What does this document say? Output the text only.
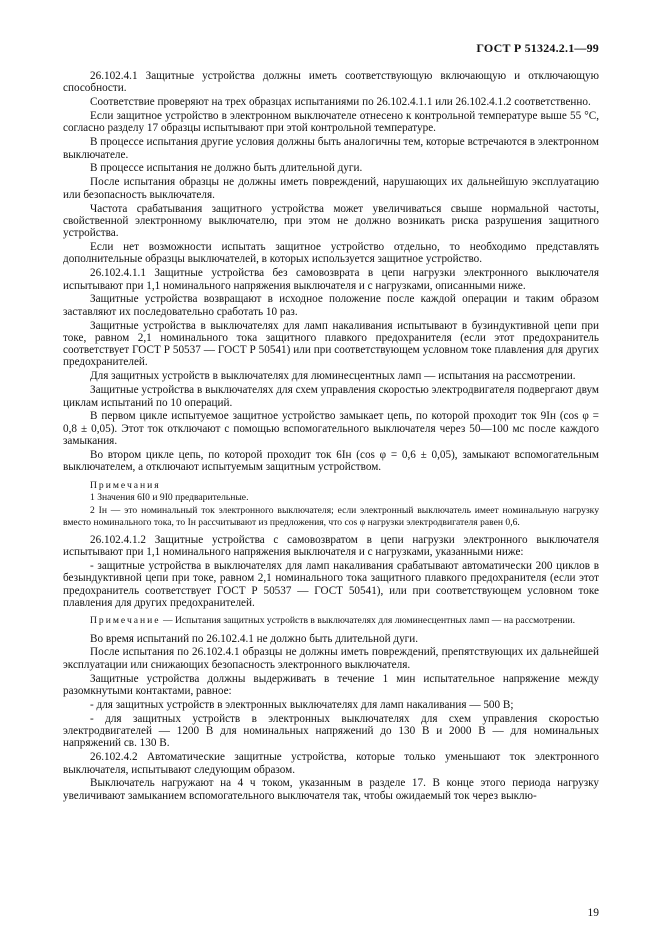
ГОСТ Р 51324.2.1—99

26.102.4.1 Защитные устройства должны иметь соответствующую включающую и отключающую способности.

Соответствие проверяют на трех образцах испытаниями по 26.102.4.1.1 или 26.102.4.1.2 соответственно.

Если защитное устройство в электронном выключателе отнесено к контрольной температуре выше 55 °С, согласно разделу 17 образцы испытывают при этой контрольной температуре.

В процессе испытания другие условия должны быть аналогичны тем, которые встречаются в электронном выключателе.

В процессе испытания не должно быть длительной дуги.

После испытания образцы не должны иметь повреждений, нарушающих их дальнейшую эксплуатацию или безопасность выключателя.

Частота срабатывания защитного устройства может увеличиваться свыше нормальной частоты, свойственной электронному выключателю, при этом не должно возникать риска разрушения защитного устройства.

Если нет возможности испытать защитное устройство отдельно, то необходимо представлять дополнительные образцы выключателей, в которых используется защитное устройство.

26.102.4.1.1 Защитные устройства без самовозврата в цепи нагрузки электронного выключателя испытывают при 1,1 номинального напряжения выключателя и с нагрузками, описанными ниже.

Защитные устройства возвращают в исходное положение после каждой операции и таким образом заставляют их последовательно сработать 10 раз.

Защитные устройства в выключателях для ламп накаливания испытывают в бузиндуктивной цепи при токе, равном 2,1 номинального тока защитного плавкого предохранителя (если этот предохранитель соответствует ГОСТ Р 50537 — ГОСТ Р 50541) или при соответствующем условном токе плавления для других предохранителей.

Для защитных устройств в выключателях для люминесцентных ламп — испытания на рассмотрении.

Защитные устройства в выключателях для схем управления скоростью электродвигателя подвергают двум циклам испытаний по 10 операций.

В первом цикле испытуемое защитное устройство замыкает цепь, по которой проходит ток 9Iн (cos φ = 0,8 ± 0,05). Этот ток отключают с помощью вспомогательного выключателя через 50—100 мс после каждого замыкания.

Во втором цикле цепь, по которой проходит ток 6Iн (cos φ = 0,6 ± 0,05), замыкают вспомогательным выключателем, а отключают испытуемым защитным устройством.

Примечания

1 Значения 6I0 и 9I0 предварительные.

2 Iн — это номинальный ток электронного выключателя; если электронный выключатель имеет номинальную нагрузку вместо номинального тока, то Iн рассчитывают из предложения, что cos φ нагрузки электродвигателя равен 0,6.

26.102.4.1.2 Защитные устройства с самовозвратом в цепи нагрузки электронного выключателя испытывают при 1,1 номинального напряжения выключателя и с нагрузками, указанными ниже:

- защитные устройства в выключателях для ламп накаливания срабатывают автоматически 200 циклов в безындуктивной цепи при токе, равном 2,1 номинального тока защитного плавкого предохранителя (если этот предохранитель соответствует ГОСТ Р 50537 — ГОСТ 50541), или при соответствующем условном токе плавления для других предохранителей.

Примечание — Испытания защитных устройств в выключателях для люминесцентных ламп — на рассмотрении.

Во время испытаний по 26.102.4.1 не должно быть длительной дуги.

После испытания по 26.102.4.1 образцы не должны иметь повреждений, препятствующих их дальнейшей эксплуатации или снижающих безопасность электронного выключателя.

Защитные устройства должны выдерживать в течение 1 мин испытательное напряжение между разомкнутыми контактами, равное:

- для защитных устройств в электронных выключателях для ламп накаливания — 500 В;

- для защитных устройств в электронных выключателях для схем управления скоростью электродвигателей — 1200 В для номинальных напряжений до 130 В и 2000 В — для номинальных напряжений св. 130 В.

26.102.4.2 Автоматические защитные устройства, которые только уменьшают ток электронного выключателя, испытывают следующим образом.

Выключатель нагружают на 4 ч током, указанным в разделе 17. В конце этого периода нагрузку увеличивают замыканием вспомогательного выключателя так, чтобы ожидаемый ток через выклю-

19
